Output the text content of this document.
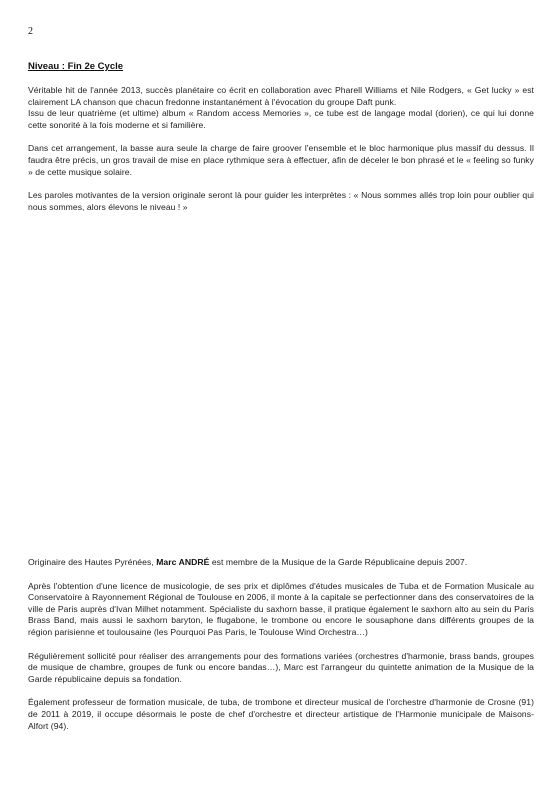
2
Niveau : Fin 2e Cycle

Véritable hit de l'année 2013, succès planétaire co écrit en collaboration avec Pharell Williams et Nile Rodgers, « Get lucky » est clairement LA chanson que chacun fredonne instantanément à l'évocation du groupe Daft punk.

Issu de leur quatrième (et ultime) album « Random access Memories », ce tube est de langage modal (dorien), ce qui lui donne cette sonorité à la fois moderne et si familière.

Dans cet arrangement, la basse aura seule la charge de faire groover l'ensemble et le bloc harmonique plus massif du dessus. Il faudra être précis, un gros travail de mise en place rythmique sera à effectuer, afin de déceler le bon phrasé et le « feeling so funky » de cette musique solaire.

Les paroles motivantes de la version originale seront là pour guider les interprètes : « Nous sommes allés trop loin pour oublier qui nous sommes, alors élevons le niveau ! »

Originaire des Hautes Pyrénées, Marc ANDRÉ est membre de la Musique de la Garde Républicaine depuis 2007.

Après l'obtention d'une licence de musicologie, de ses prix et diplômes d'études musicales de Tuba et de Formation Musicale au Conservatoire à Rayonnement Régional de Toulouse en 2006, il monte à la capitale se perfectionner dans des conservatoires de la ville de Paris auprès d'Ivan Milhet notamment. Spécialiste du saxhorn basse, il pratique également le saxhorn alto au sein du Paris Brass Band, mais aussi le saxhorn baryton, le flugabone, le trombone ou encore le sousaphone dans différents groupes de la région parisienne et toulousaine (les Pourquoi Pas Paris, le Toulouse Wind Orchestra…)

Régulièrement sollicité pour réaliser des arrangements pour des formations variées (orchestres d'harmonie, brass bands, groupes de musique de chambre, groupes de funk ou encore bandas…), Marc est l'arrangeur du quintette animation de la Musique de la Garde républicaine depuis sa fondation.

Également professeur de formation musicale, de tuba, de trombone et directeur musical de l'orchestre d'harmonie de Crosne (91) de 2011 à 2019, il occupe désormais le poste de chef d'orchestre et directeur artistique de l'Harmonie municipale de Maisons- Alfort (94).
